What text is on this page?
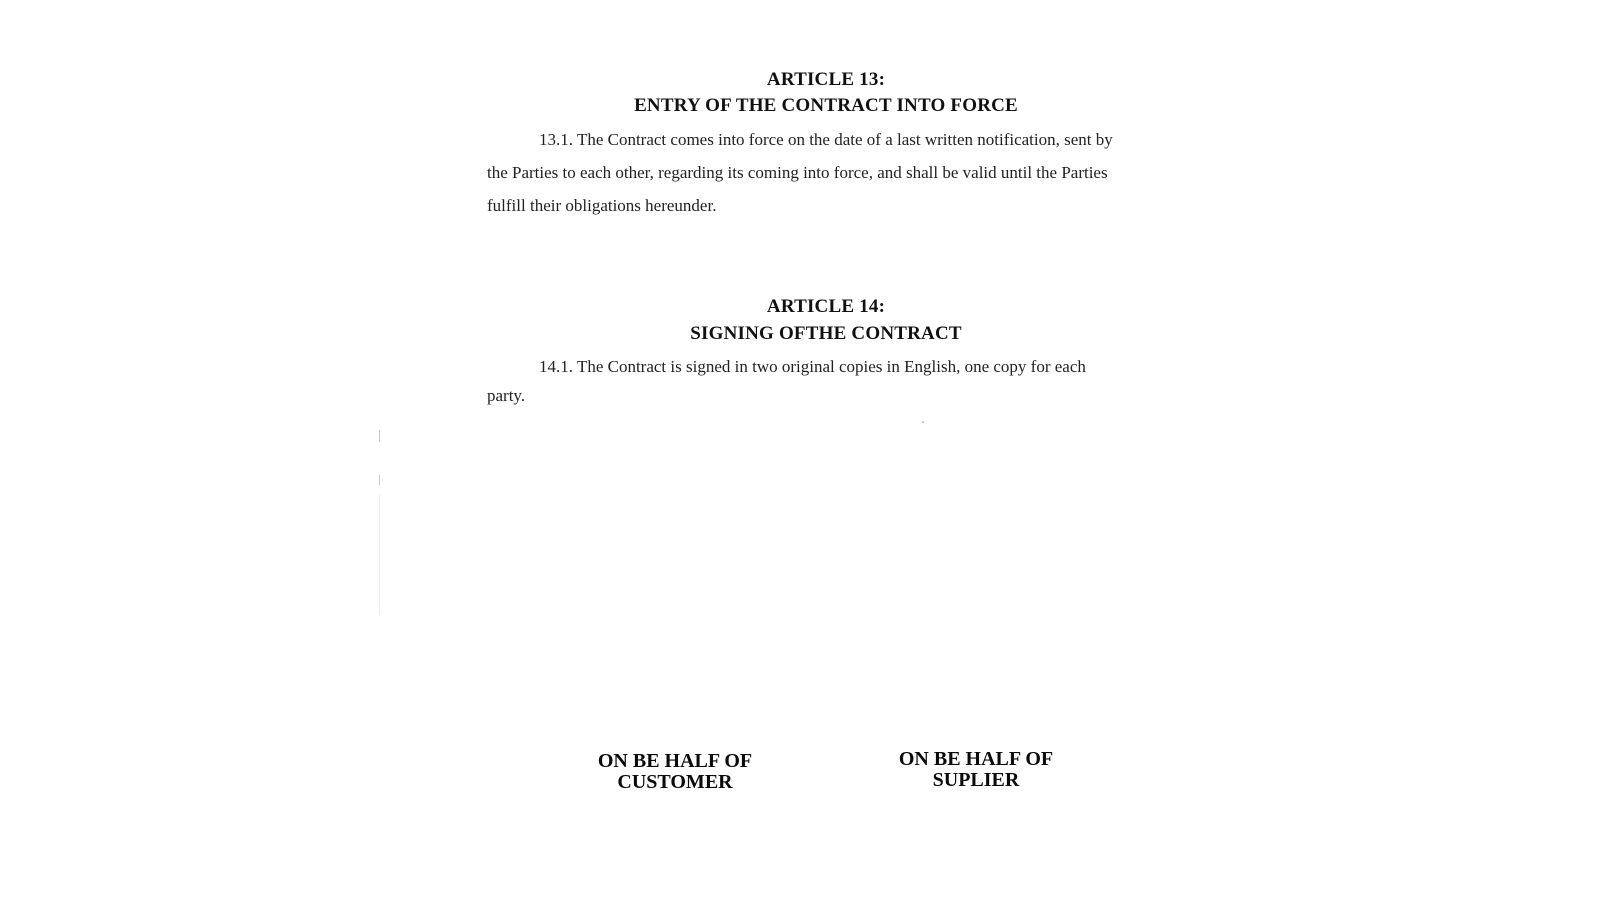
ARTICLE 13:
ENTRY OF THE CONTRACT INTO FORCE
13.1. The Contract comes into force on the date of a last written notification, sent by
the Parties to each other, regarding its coming into force, and shall be valid until the Parties
fulfill their obligations hereunder.
ARTICLE 14:
SIGNING OFTHE CONTRACT
14.1. The Contract is signed in two original copies in English, one copy for each
party.
ON BE HALF OF
CUSTOMER
ON BE HALF OF
SUPLIER
